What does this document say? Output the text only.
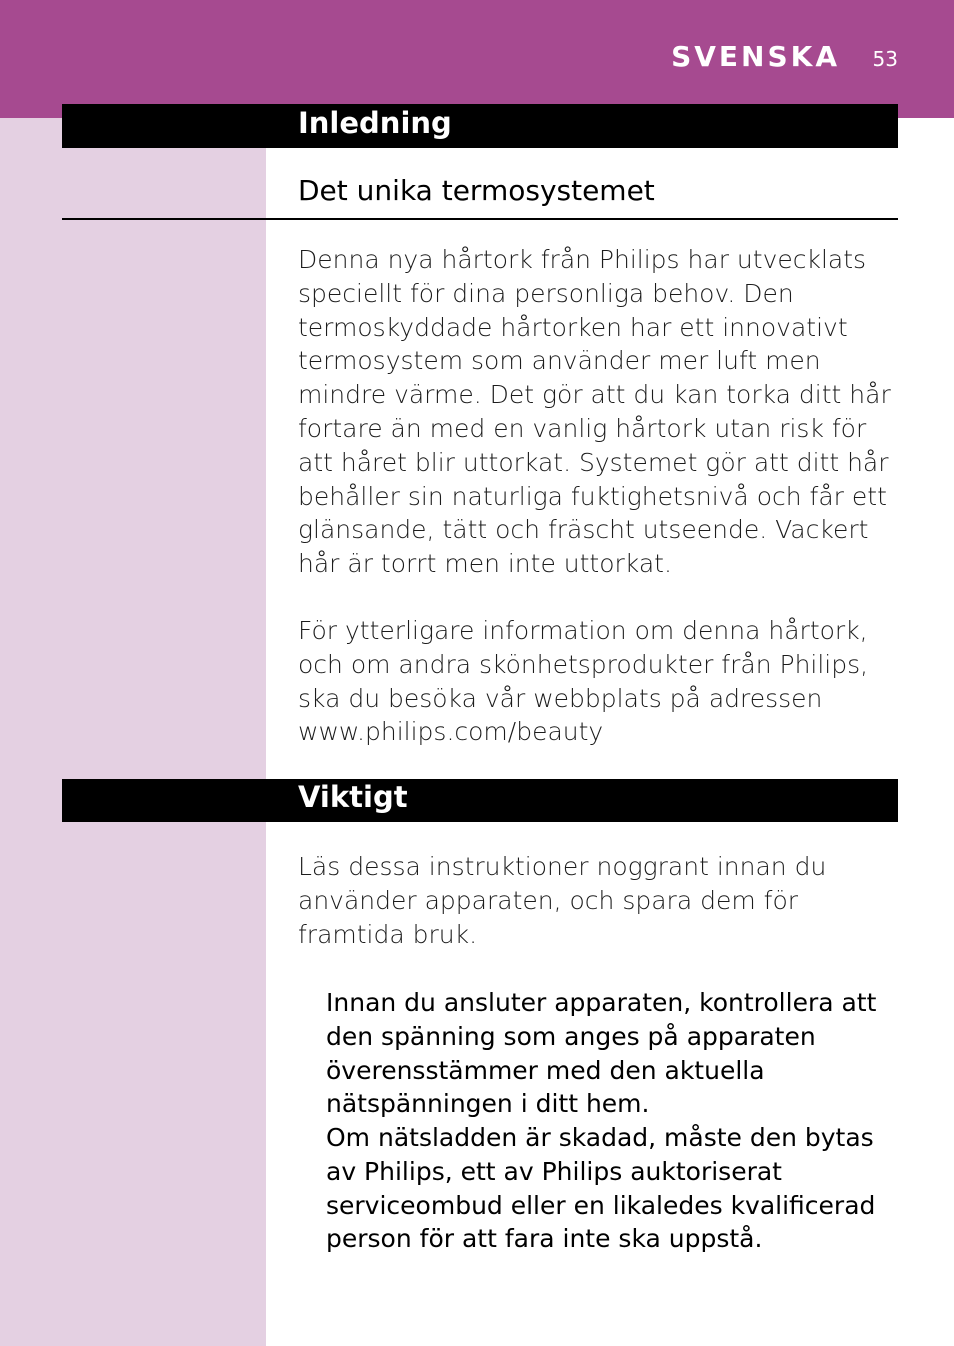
SVENSKA 53
Inledning
Det unika termosystemet

Denna nya hårtork från Philips har utvecklats speciellt för dina personliga behov. Den termoskyddade hårtorken har ett innovativt termosystem som använder mer luft men mindre värme. Det gör att du kan torka ditt hår fortare än med en vanlig hårtork utan risk för att håret blir uttorkat. Systemet gör att ditt hår behåller sin naturliga fuktighetsnivå och får ett glänsande, tätt och fräscht utseende. Vackert hår är torrt men inte uttorkat.

För ytterligare information om denna hårtork, och om andra skönhetsprodukter från Philips, ska du besöka vår webbplats på adressen www.philips.com/beauty

Viktigt

Läs dessa instruktioner noggrant innan du använder apparaten, och spara dem för framtida bruk.

Innan du ansluter apparaten, kontrollera att den spänning som anges på apparaten överensstämmer med den aktuella nätspänningen i ditt hem.

Om nätsladden är skadad, måste den bytas av Philips, ett av Philips auktoriserat serviceombud eller en likaledes kvalificerad person för att fara inte ska uppstå.
